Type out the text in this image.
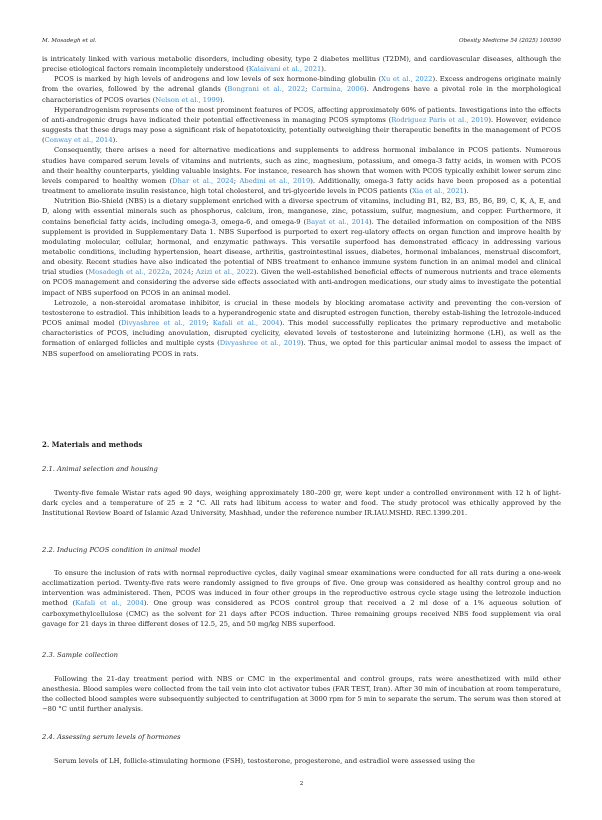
M. Mosadegh et al.	Obesity Medicine 54 (2025) 100590

is intricately linked with various metabolic disorders, including obesity, type 2 diabetes mellitus (T2DM), and cardiovascular diseases, although the precise etiological factors remain incompletely understood (Kalaivani et al., 2021).

PCOS is marked by high levels of androgens and low levels of sex hormone-binding globulin (Xu et al., 2022). Excess androgens originate mainly from the ovaries, followed by the adrenal glands (Bongrani et al., 2022; Carmina, 2006). Androgens have a pivotal role in the morphological characteristics of PCOS ovaries (Nelson et al., 1999).

Hyperandrogenism represents one of the most prominent features of PCOS, affecting approximately 60% of patients. Investigations into the effects of anti-androgenic drugs have indicated their potential effectiveness in managing PCOS symptoms (Rodriguez Paris et al., 2019). However, evidence suggests that these drugs may pose a significant risk of hepatotoxicity, potentially outweighing their therapeutic benefits in the management of PCOS (Conway et al., 2014).

Consequently, there arises a need for alternative medications and supplements to address hormonal imbalance in PCOS patients. Numerous studies have compared serum levels of vitamins and nutrients, such as zinc, magnesium, potassium, and omega-3 fatty acids, in women with PCOS and their healthy counterparts, yielding valuable insights. For instance, research has shown that women with PCOS typically exhibit lower serum zinc levels compared to healthy women (Dhar et al., 2024; Abedini et al., 2019). Additionally, omega-3 fatty acids have been proposed as a potential treatment to ameliorate insulin resistance, high total cholesterol, and tri-glyceride levels in PCOS patients (Xia et al., 2021).

Nutrition Bio-Shield (NBS) is a dietary supplement enriched with a diverse spectrum of vitamins, including B1, B2, B3, B5, B6, B9, C, K, A, E, and D, along with essential minerals such as phosphorus, calcium, iron, manganese, zinc, potassium, sulfur, magnesium, and copper. Furthermore, it contains beneficial fatty acids, including omega-3, omega-6, and omega-9 (Bayat et al., 2014). The detailed information on composition of the NBS supplement is provided in Supplementary Data 1. NBS Superfood is purported to exert reg-ulatory effects on organ function and improve health by modulating molecular, cellular, hormonal, and enzymatic pathways. This versatile superfood has demonstrated efficacy in addressing various metabolic conditions, including hypertension, heart disease, arthritis, gastrointestinal issues, diabetes, hormonal imbalances, menstrual discomfort, and obesity. Recent studies have also indicated the potential of NBS treatment to enhance immune system function in an animal model and clinical trial studies (Mosadegh et al., 2022a, 2024; Azizi et al., 2022). Given the well-established beneficial effects of numerous nutrients and trace elements on PCOS management and considering the adverse side effects associated with anti-androgen medications, our study aims to investigate the potential impact of NBS superfood on PCOS in an animal model.

Letrozole, a non-steroidal aromatase inhibitor, is crucial in these models by blocking aromatase activity and preventing the con-version of testosterone to estradiol. This inhibition leads to a hyperandrogenic state and disrupted estrogen function, thereby estab-lishing the letrozole-induced PCOS animal model (Divyashree et al., 2019; Kafali et al., 2004). This model successfully replicates the primary reproductive and metabolic characteristics of PCOS, including anovulation, disrupted cyclicity, elevated levels of testosterone and luteinizing hormone (LH), as well as the formation of enlarged follicles and multiple cysts (Divyashree et al., 2019). Thus, we opted for this particular animal model to assess the impact of NBS superfood on ameliorating PCOS in rats.

2. Materials and methods
2.1. Animal selection and housing

Twenty-five female Wistar rats aged 90 days, weighing approximately 180–200 gr, were kept under a controlled environment with 12 h of light-dark cycles and a temperature of 25 ± 2 °C. All rats had libitum access to water and food. The study protocol was ethically approved by the Institutional Review Board of Islamic Azad University, Mashhad, under the reference number IR.IAU.MSHD. REC.1399.201.

2.2. Inducing PCOS condition in animal model

To ensure the inclusion of rats with normal reproductive cycles, daily vaginal smear examinations were conducted for all rats during a one-week acclimatization period. Twenty-five rats were randomly assigned to five groups of five. One group was considered as healthy control group and no intervention was administered. Then, PCOS was induced in four other groups in the reproductive estrous cycle stage using the letrozole induction method (Kafali et al., 2004). One group was considered as PCOS control group that received a 2 ml dose of a 1% aqueous solution of carboxymethylcellulose (CMC) as the solvent for 21 days after PCOS induction. Three remaining groups received NBS food supplement via oral gavage for 21 days in three different doses of 12.5, 25, and 50 mg/kg NBS superfood.

2.3. Sample collection

Following the 21-day treatment period with NBS or CMC in the experimental and control groups, rats were anesthetized with mild ether anesthesia. Blood samples were collected from the tail vein into clot activator tubes (FAR TEST, Iran). After 30 min of incubation at room temperature, the collected blood samples were subsequently subjected to centrifugation at 3000 rpm for 5 min to separate the serum. The serum was then stored at −80 °C until further analysis.

2.4. Assessing serum levels of hormones

Serum levels of LH, follicle-stimulating hormone (FSH), testosterone, progesterone, and estradiol were assessed using the

2
